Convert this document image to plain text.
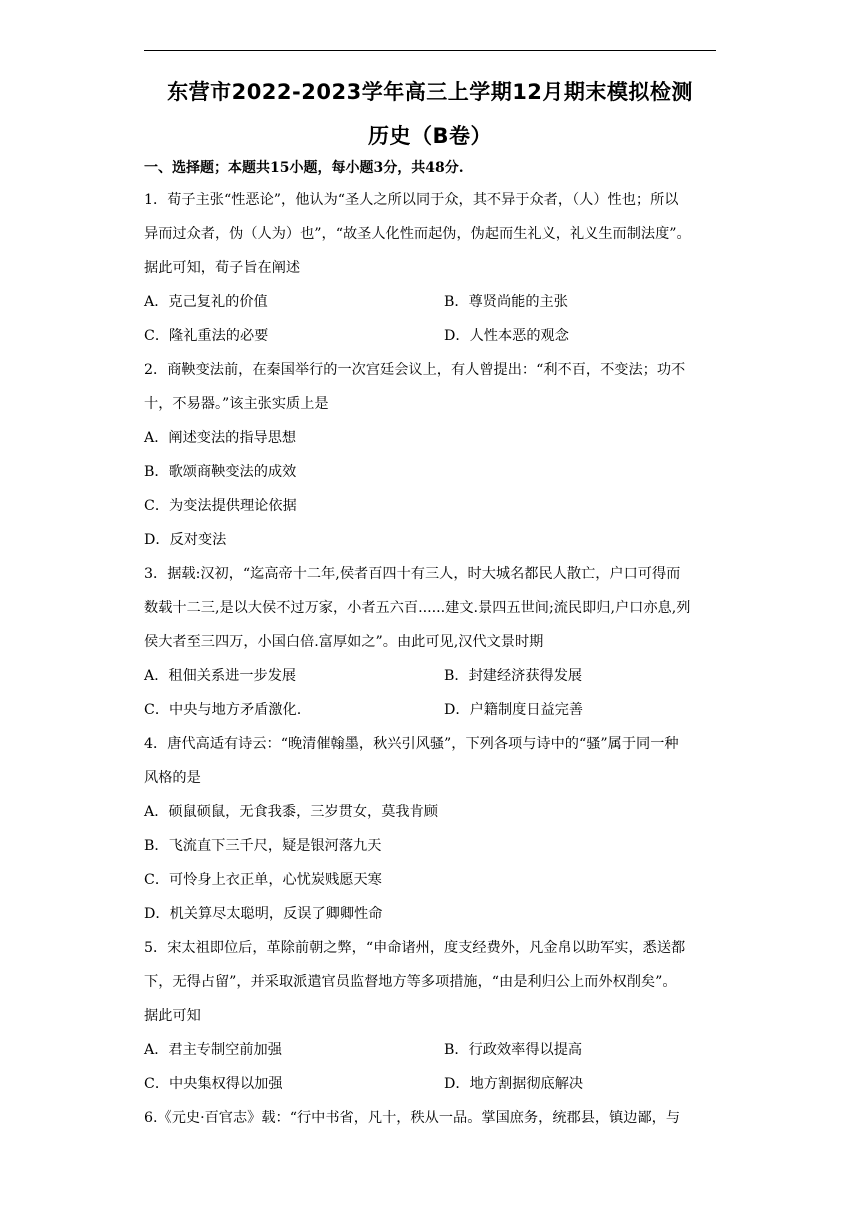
东营市2022-2023学年高三上学期12月期末模拟检测
历史（B卷）
一、选择题；本题共15小题，每小题3分，共48分.
1．荀子主张“性恶论”，他认为“圣人之所以同于众，其不异于众者，（人）性也；所以
异而过众者，伪（人为）也”，“故圣人化性而起伪，伪起而生礼义，礼义生而制法度”。
据此可知，荀子旨在阐述
A．克己复礼的价值	B．尊贤尚能的主张
C．隆礼重法的必要	D．人性本恶的观念
2．商鞅变法前，在秦国举行的一次宫廷会议上，有人曾提出：“利不百，不变法；功不
十，不易器。”该主张实质上是
A．阐述变法的指导思想
B．歌颂商鞅变法的成效
C．为变法提供理论依据
D．反对变法
3．据载:汉初，“迄高帝十二年,侯者百四十有三人，时大城名都民人散亡，户口可得而
数载十二三,是以大侯不过万家，小者五六百......建文.景四五世间;流民即归,户口亦息,列
侯大者至三四万，小国白倍.富厚如之”。由此可见,汉代文景时期
A．租佃关系进一步发展	B．封建经济获得发展
C．中央与地方矛盾激化.	D．户籍制度日益完善
4．唐代高适有诗云：“晚清催翰墨，秋兴引风骚”，下列各项与诗中的“骚”属于同一种
风格的是
A．硕鼠硕鼠，无食我黍，三岁贯女，莫我肯顾
B．飞流直下三千尺，疑是银河落九天
C．可怜身上衣正单，心忧炭贱愿天寒
D．机关算尽太聪明，反误了卿卿性命
5．宋太祖即位后，革除前朝之弊，“申命诸州，度支经费外，凡金帛以助军实，悉送都
下，无得占留”，并采取派遣官员监督地方等多项措施，“由是利归公上而外权削矣”。
据此可知
A．君主专制空前加强	B．行政效率得以提高
C．中央集权得以加强	D．地方割据彻底解决
6.《元史·百官志》载：“行中书省，凡十，秩从一品。掌国庶务，统郡县，镇边鄙，与
